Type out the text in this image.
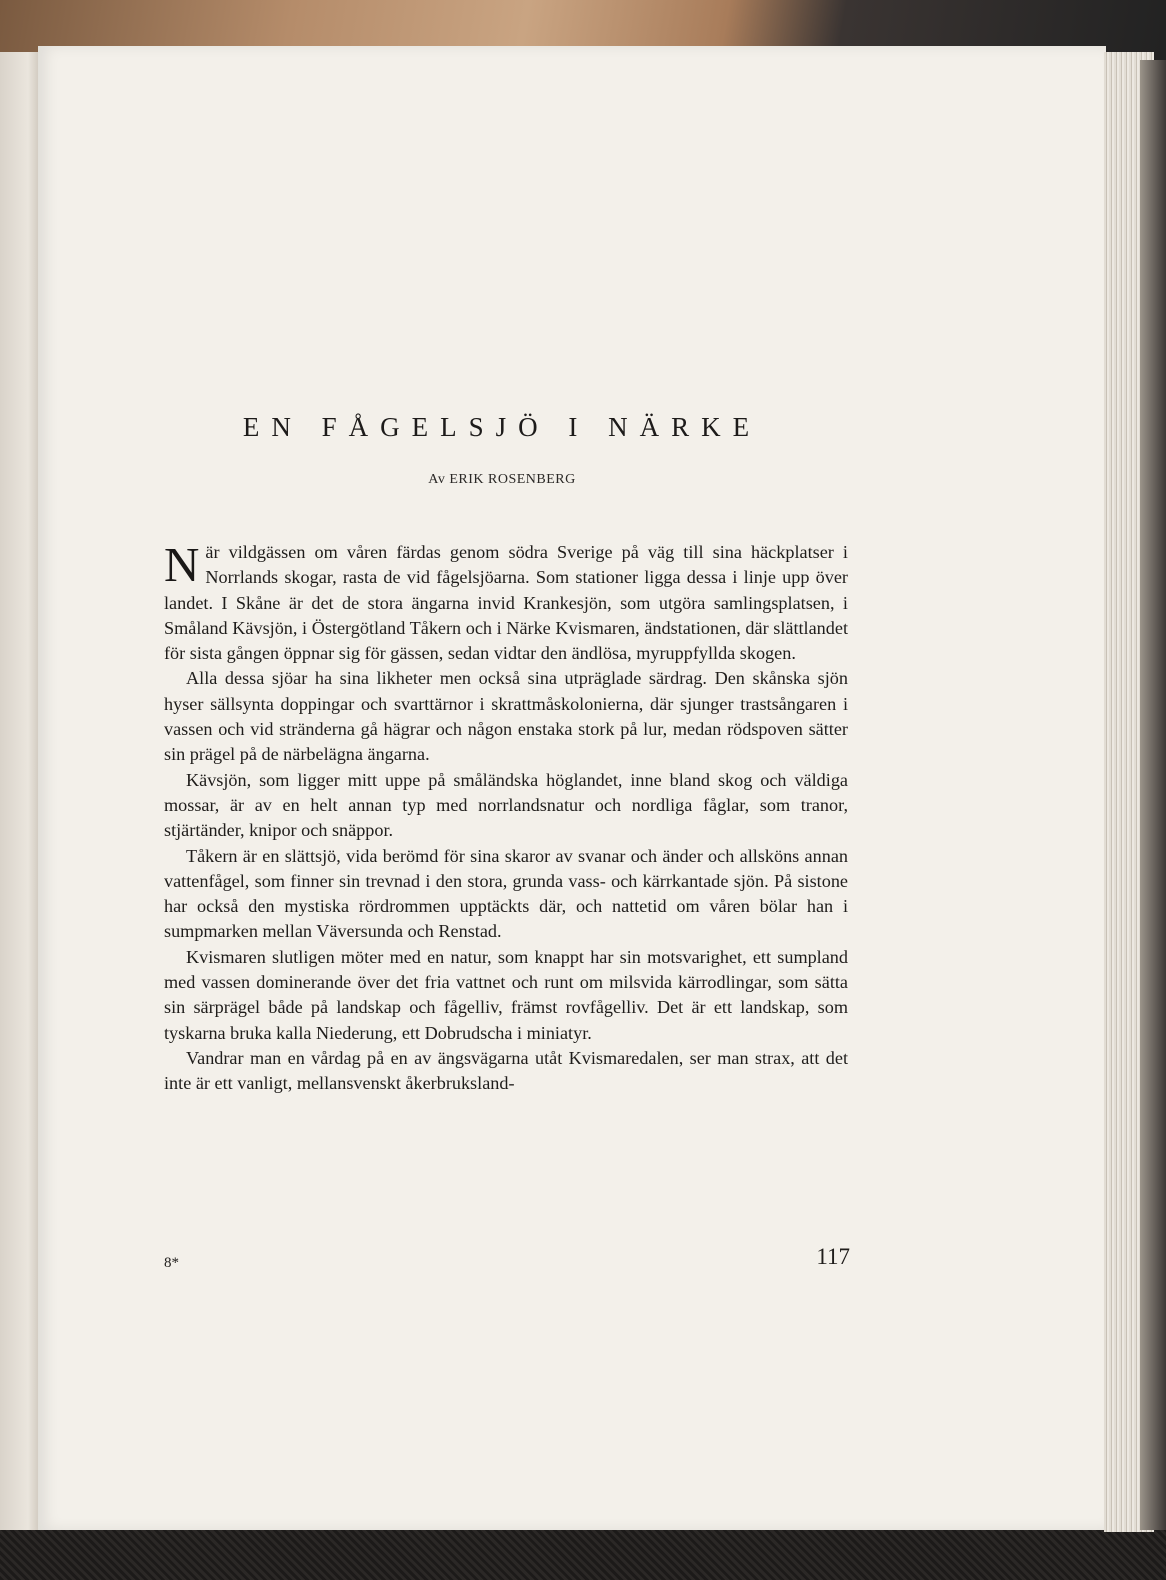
EN FÅGELSJÖ I NÄRKE
Av ERIK ROSENBERG

När vildgässen om våren färdas genom södra Sverige på väg till sina häckplatser i Norrlands skogar, rasta de vid fågelsjöarna. Som stationer ligga dessa i linje upp över landet. I Skåne är det de stora ängarna invid Krankesjön, som utgöra samlingsplatsen, i Småland Kävsjön, i Östergötland Tåkern och i Närke Kvismaren, ändstationen, där slättlandet för sista gången öppnar sig för gässen, sedan vidtar den ändlösa, myruppfyllda skogen.

Alla dessa sjöar ha sina likheter men också sina utpräglade särdrag. Den skånska sjön hyser sällsynta doppingar och svarttärnor i skrattmåskolonierna, där sjunger trastsångaren i vassen och vid stränderna gå hägrar och någon enstaka stork på lur, medan rödspoven sätter sin prägel på de närbelägna ängarna.

Kävsjön, som ligger mitt uppe på småländska höglandet, inne bland skog och väldiga mossar, är av en helt annan typ med norrlandsnatur och nordliga fåglar, som tranor, stjärtänder, knipor och snäppor.

Tåkern är en slättsjö, vida berömd för sina skaror av svanar och änder och allsköns annan vattenfågel, som finner sin trevnad i den stora, grunda vass- och kärrkantade sjön. På sistone har också den mystiska rördrommen upptäckts där, och nattetid om våren bölar han i sumpmarken mellan Väversunda och Renstad.

Kvismaren slutligen möter med en natur, som knappt har sin motsvarighet, ett sumpland med vassen dominerande över det fria vattnet och runt om milsvida kärrodlingar, som sätta sin särprägel både på landskap och fågelliv, främst rovfågelliv. Det är ett landskap, som tyskarna bruka kalla Niederung, ett Dobrudscha i miniatyr.

Vandrar man en vårdag på en av ängsvägarna utåt Kvismaredalen, ser man strax, att det inte är ett vanligt, mellansvenskt åkerbruksland-

8*	117
